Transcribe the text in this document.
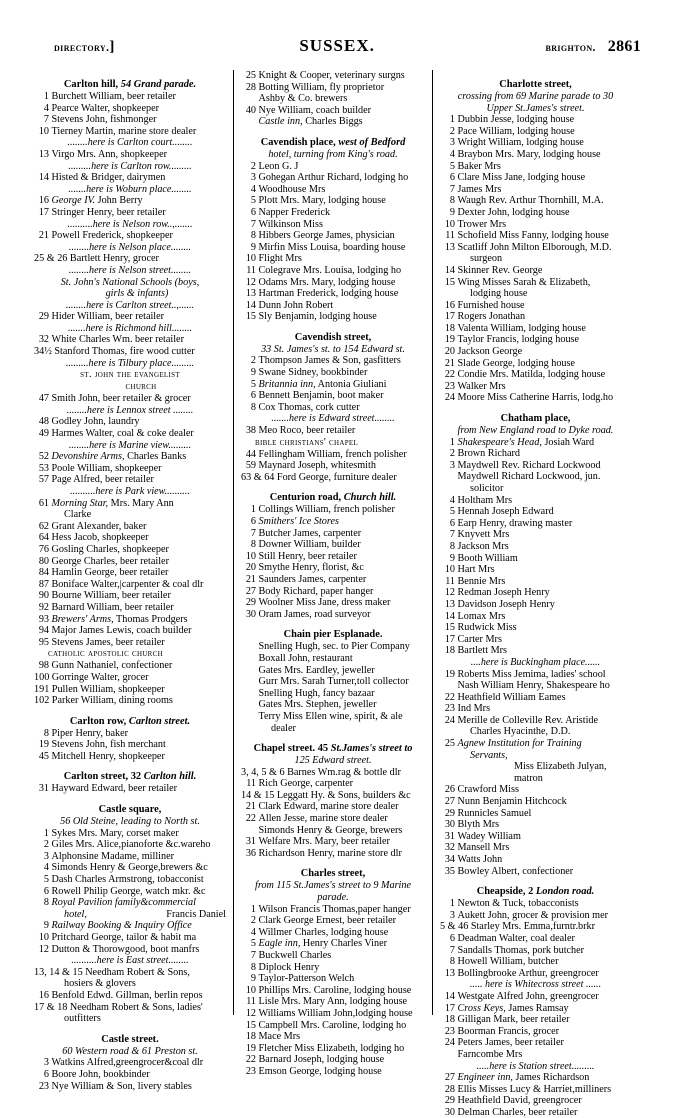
directory.]	SUSSEX.	brighton. 2861
Carlton hill, 54 Grand parade.
1 Burchett William, beer retailer
4 Pearce Walter, shopkeeper
7 Stevens John, fishmonger
10 Tierney Martin, marine store dealer
........here is Carlton court........
13 Virgo Mrs. Ann, shopkeeper
.........here is Carlton row.........
14 Histed & Bridger, dairymen
.......here is Woburn place........
16 George IV. John Berry
17 Stringer Henry, beer retailer
..........here is Nelson row..,.......
21 Powell Frederick, shopkeeper
........here is Nelson place........
25 & 26 Bartlett Henry, grocer
........here is Nelson street........
St. John's National Schools (boys,
girls & infants)
........here is Carlton street..,......
29 Hider William, beer retailer
.......here is Richmond hill........
32 White Charles Wm. beer retailer
34½ Stanford Thomas, fire wood cutter
.........here is Tilbury place.........
st. john the evangelist
church
47 Smith John, beer retailer & grocer
........here is Lennox street ........
48 Godley John, laundry
49 Harmes Walter, coal & coke dealer
........here is Marine view.........
52 Devonshire Arms, Charles Banks
53 Poole William, shopkeeper
57 Page Alfred, beer retailer
..........here is Park view..........
61 Morning Star, Mrs. Mary Ann
Clarke
62 Grant Alexander, baker
64 Hess Jacob, shopkeeper
76 Gosling Charles, shopkeeper
80 George Charles, beer retailer
84 Hamlin George, beer retailer
87 Boniface Walter,|carpenter & coal dlr
90 Bourne William, beer retailer
92 Barnard William, beer retailer
93 Brewers' Arms, Thomas Prodgers
94 Major James Lewis, coach builder
95 Stevens James, beer retailer
catholic apostolic church
98 Gunn Nathaniel, confectioner
100 Gorringe Walter, grocer
191 Pullen William, shopkeeper
102 Parker William, dining rooms
Carlton row, Carlton street.
8 Piper Henry, baker
19 Stevens John, fish merchant
45 Mitchell Henry, shopkeeper
Carlton street, 32 Carlton hill.
31 Hayward Edward, beer retailer
Castle square,
56 Old Steine, leading to North st.
1 Sykes Mrs. Mary, corset maker
2 Giles Mrs. Alice,pianoforte &c.wareho
3 Alphonsine Madame, milliner
4 Simonds Henry & George,brewers &c
5 Dash Charles Armstrong, tobacconist
6 Rowell Philip George, watch mkr. &c
8 Royal Pavilion family&commercial
hotel,	Francis Daniel
9 Railway Booking & Inquiry Office
10 Pritchard George, tailor & habit ma
12 Dutton & Thorowgood, boot manfrs
..........here is East street........
13, 14 & 15 Needham Robert & Sons,
hosiers & glovers
16 Benfold Edwd. Gillman, berlin repos
17 & 18 Needham Robert & Sons, ladies'
outfitters
Castle street.
60 Western road & 61 Preston st.
3 Watkins Alfred,greengrocer&coal dlr
6 Boore John, bookbinder
23 Nye William & Son, livery stables
25 Knight & Cooper, veterinary surgns
28 Botting William, fly proprietor
Ashby & Co. brewers
40 Nye William, coach builder
Castle inn, Charles Biggs
Cavendish place, west of Bedford
hotel, turning from King's road.
2 Leon G. J
3 Gohegan Arthur Richard, lodging ho
4 Woodhouse Mrs
5 Plott Mrs. Mary, lodging house
6 Napper Frederick
7 Wilkinson Miss
8 Hibbers George James, physician
9 Mirfin Miss Louisa, boarding house
10 Flight Mrs
11 Colegrave Mrs. Louisa, lodging ho
12 Odams Mrs. Mary, lodging house
13 Hartman Frederick, lodging house
14 Dunn John Robert
15 Sly Benjamin, lodging house
Cavendish street,
33 St. James's st. to 154 Edward st.
2 Thompson James & Son, gasfitters
9 Swane Sidney, bookbinder
5 Britannia inn, Antonia Giuliani
6 Bennett Benjamin, boot maker
8 Cox Thomas, cork cutter
.......here is Edward street........
38 Meo Roco, beer retailer
bible christians' chapel
44 Fellingham William, french polisher
59 Maynard Joseph, whitesmith
63 & 64 Ford George, furniture dealer
Centurion road, Church hill.
1 Collings William, french polisher
6 Smithers' Ice Stores
7 Butcher James, carpenter
8 Downer William, builder
10 Still Henry, beer retailer
20 Smythe Henry, florist, &c
21 Saunders James, carpenter
27 Body Richard, paper hanger
29 Woolner Miss Jane, dress maker
30 Oram James, road surveyor
Chain pier Esplanade.
Snelling Hugh, sec. to Pier Company
Boxall John, restaurant
Gates Mrs. Eardley, jeweller
Gurr Mrs. Sarah Turner,toll collector
Snelling Hugh, fancy bazaar
Gates Mrs. Stephen, jeweller
Terry Miss Ellen wine, spirit, & ale
dealer
Chapel street. 45 St.James's street to
125 Edward street.
3, 4, 5 & 6 Barnes Wm.rag & bottle dlr
11 Rich George, carpenter
14 & 15 Leggatt Hy. & Sons, builders &c
21 Clark Edward, marine store dealer
22 Allen Jesse, marine store dealer
Simonds Henry & George, brewers
31 Welfare Mrs. Mary, beer retailer
36 Richardson Henry, marine store dlr
Charles street,
from 115 St.James's street to 9 Marine
parade.
1 Wilson Francis Thomas,paper hanger
2 Clark George Ernest, beer retailer
4 Willmer Charles, lodging house
5 Eagle inn, Henry Charles Viner
7 Buckwell Charles
8 Diplock Henry
9 Taylor-Patterson Welch
10 Phillips Mrs. Caroline, lodging house
11 Lisle Mrs. Mary Ann, lodging house
12 Williams William John,lodging house
15 Campbell Mrs. Caroline, lodging ho
18 Mace Mrs
19 Fletcher Miss Elizabeth, lodging ho
22 Barnard Joseph, lodging house
23 Emson George, lodging house
Charlotte street,
crossing from 69 Marine parade to 30
Upper St.James's street.
1 Dubbin Jesse, lodging house
2 Pace William, lodging house
3 Wright William, lodging house
4 Braybon Mrs. Mary, lodging house
5 Baker Mrs
6 Clare Miss Jane, lodging house
7 James Mrs
8 Waugh Rev. Arthur Thornhill, M.A.
9 Dexter John, lodging house
10 Trower Mrs
11 Schofield Miss Fanny, lodging house
13 Scatliff John Milton Elborough, M.D.
surgeon
14 Skinner Rev. George
15 Wing Misses Sarah & Elizabeth,
lodging house
16 Furnished house
17 Rogers Jonathan
18 Valenta William, lodging house
19 Taylor Francis, lodging house
20 Jackson George
21 Slade George, lodging house
22 Condie Mrs. Matilda, lodging house
23 Walker Mrs
24 Moore Miss Catherine Harris, lodg.ho
Chatham place,
from New England road to Dyke road.
1 Shakespeare's Head, Josiah Ward
2 Brown Richard
3 Maydwell Rev. Richard Lockwood
Maydwell Richard Lockwood, jun.
solicitor
4 Holtham Mrs
5 Hennah Joseph Edward
6 Earp Henry, drawing master
7 Knyvett Mrs
8 Jackson Mrs
9 Booth William
10 Hart Mrs
11 Bennie Mrs
12 Redman Joseph Henry
13 Davidson Joseph Henry
14 Lomax Mrs
15 Rudwick Miss
17 Carter Mrs
18 Bartlett Mrs
....here is Buckingham place......
19 Roberts Miss Jemima, ladies' school
Nash William Henry, Shakespeare ho
22 Heathfield William Eames
23 Ind Mrs
24 Merille de Colleville Rev. Aristide
Charles Hyacinthe, D.D.
25 Agnew Institution for Training
Servants,
Miss Elizabeth Julyan, matron
26 Crawford Miss
27 Nunn Benjamin Hitchcock
29 Runnicles Samuel
30 Blyth Mrs
31 Wadey William
32 Mansell Mrs
34 Watts John
35 Bowley Albert, confectioner
Cheapside, 2 London road.
1 Newton & Tuck, tobacconists
3 Aukett John, grocer & provision mer
5 & 46 Starley Mrs. Emma,furntr.brkr
6 Deadman Walter, coal dealer
7 Sandalls Thomas, pork butcher
8 Howell William, butcher
13 Bollingbrooke Arthur, greengrocer
..... here is Whitecross street ......
14 Westgate Alfred John, greengrocer
17 Cross Keys, James Ramsay
18 Gilligan Mark, beer retailer
23 Boorman Francis, grocer
24 Peters James, beer retailer
Farncombe Mrs
.....here is Station street.........
27 Engineer inn, James Richardson
28 Ellis Misses Lucy & Harriet,milliners
29 Heathfield David, greengrocer
30 Delman Charles, beer retailer
